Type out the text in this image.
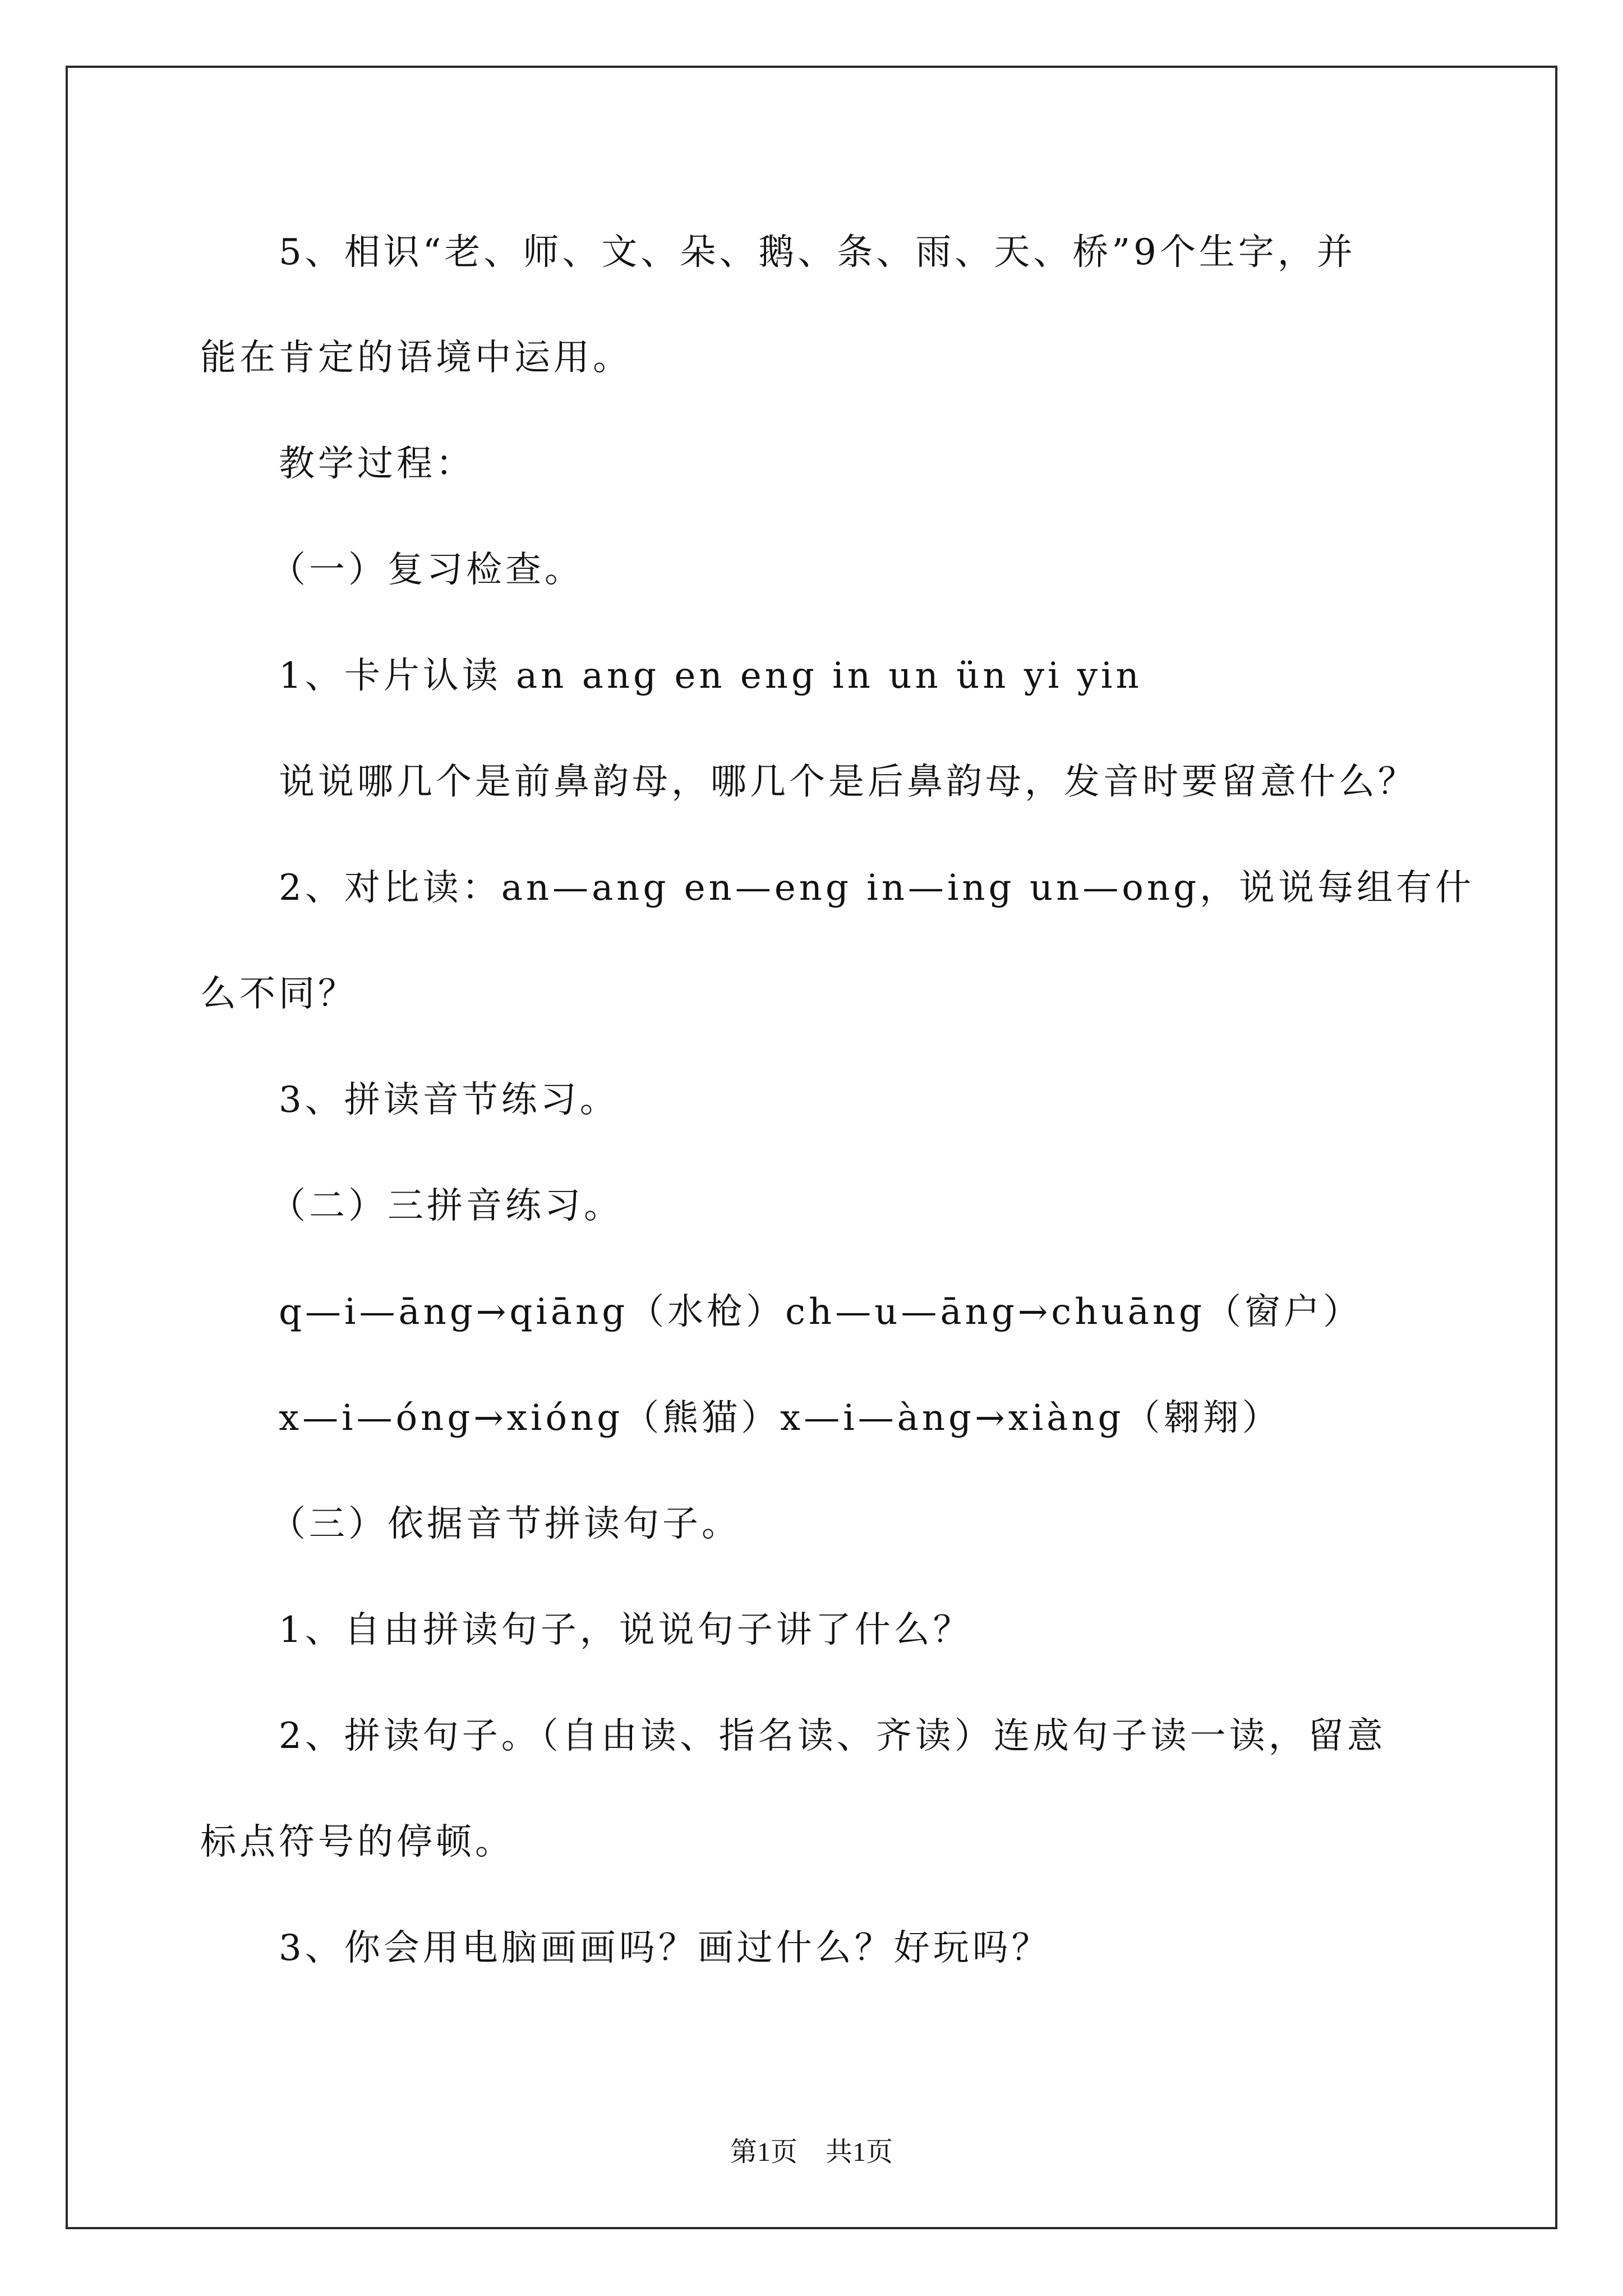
5、相识“老、师、文、朵、鹅、条、雨、天、桥”9个生字，并
能在肯定的语境中运用。
教学过程：
（一）复习检查。
1、卡片认读 an ang en eng in un ün yi yin
说说哪几个是前鼻韵母，哪几个是后鼻韵母，发音时要留意什么？
2、对比读：an—ang en—eng in—ing un—ong，说说每组有什
么不同？
3、拼读音节练习。
（二）三拼音练习。
q—i—āng→qiāng（水枪）ch—u—āng→chuāng（窗户）
x—i—óng→xióng（熊猫）x—i—àng→xiàng（翱翔）
（三）依据音节拼读句子。
1、自由拼读句子，说说句子讲了什么？
2、拼读句子。（自由读、指名读、齐读）连成句子读一读，留意
标点符号的停顿。
3、你会用电脑画画吗？画过什么？好玩吗？
第1页 共1页
